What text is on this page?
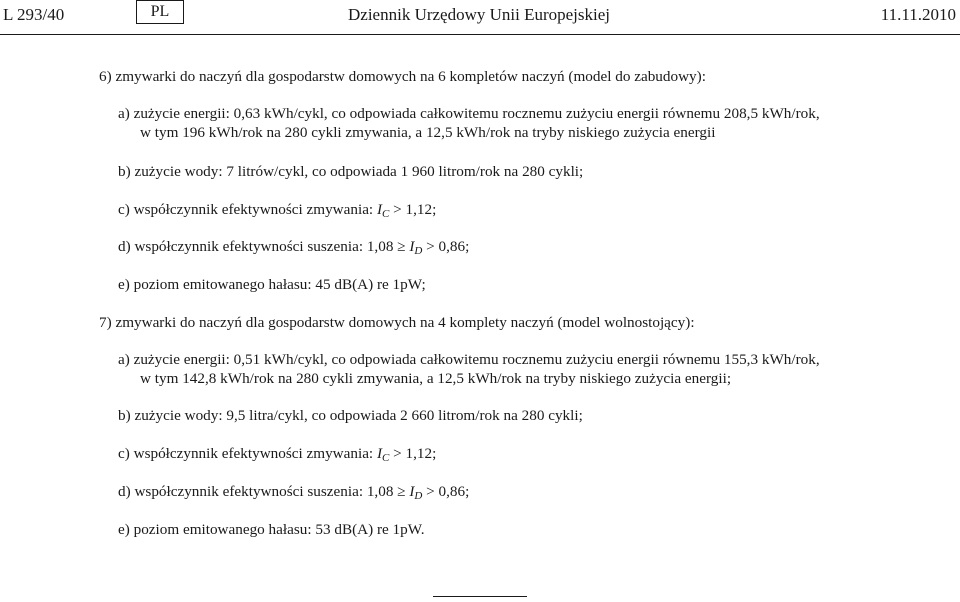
L 293/40	PL	Dziennik Urzędowy Unii Europejskiej	11.11.2010
6) zmywarki do naczyń dla gospodarstw domowych na 6 kompletów naczyń (model do zabudowy):
a) zużycie energii: 0,63 kWh/cykl, co odpowiada całkowitemu rocznemu zużyciu energii równemu 208,5 kWh/rok,
w tym 196 kWh/rok na 280 cykli zmywania, a 12,5 kWh/rok na tryby niskiego zużycia energii
b) zużycie wody: 7 litrów/cykl, co odpowiada 1 960 litrom/rok na 280 cykli;
c) współczynnik efektywności zmywania: $I_C > 1,12$;
d) współczynnik efektywności suszenia: $1,08 \ge I_D > 0,86$;
e) poziom emitowanego hałasu: 45 dB(A) re 1pW;
7) zmywarki do naczyń dla gospodarstw domowych na 4 komplety naczyń (model wolnostojący):
a) zużycie energii: 0,51 kWh/cykl, co odpowiada całkowitemu rocznemu zużyciu energii równemu 155,3 kWh/rok,
w tym 142,8 kWh/rok na 280 cykli zmywania, a 12,5 kWh/rok na tryby niskiego zużycia energii;
b) zużycie wody: 9,5 litra/cykl, co odpowiada 2 660 litrom/rok na 280 cykli;
c) współczynnik efektywności zmywania: $I_C > 1,12$;
d) współczynnik efektywności suszenia: $1,08 \ge I_D > 0,86$;
e) poziom emitowanego hałasu: 53 dB(A) re 1pW.
